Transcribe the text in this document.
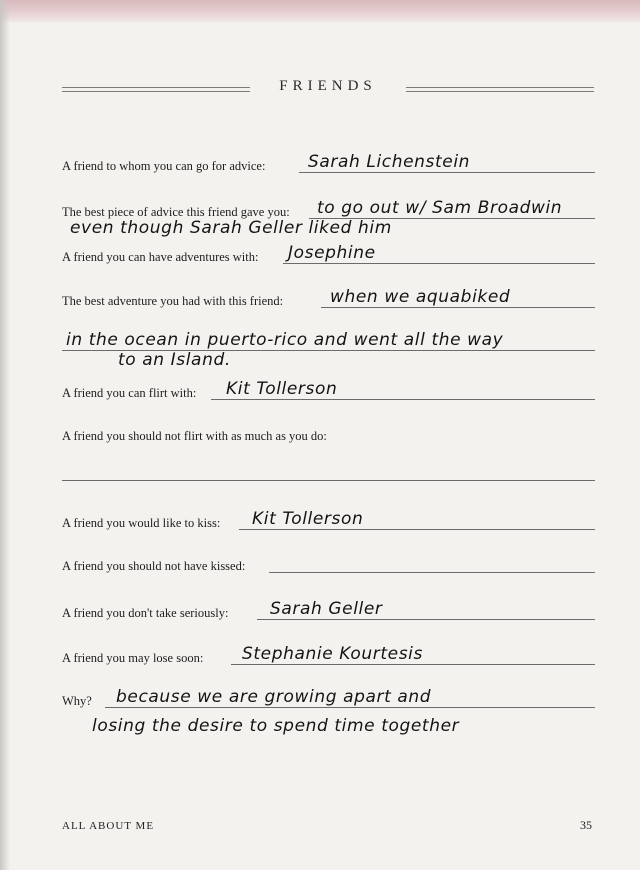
FRIENDS
A friend to whom you can go for advice:	Sarah Lichenstein
The best piece of advice this friend gave you: to go out w/ Sam Broadwin
even though Sarah Geller liked him
A friend you can have adventures with: Josephine
The best adventure you had with this friend:	when we aquabiked
in the ocean in puerto-rico and went all the way
to an Island.
A friend you can flirt with: Kit Tollerson
A friend you should not flirt with as much as you do:
A friend you would like to kiss: Kit Tollerson
A friend you should not have kissed:
A friend you don't take seriously: Sarah Geller
A friend you may lose soon: Stephanie Kourtesis
Why? because we are growing apart and
losing the desire to spend time together
ALL ABOUT ME	35
